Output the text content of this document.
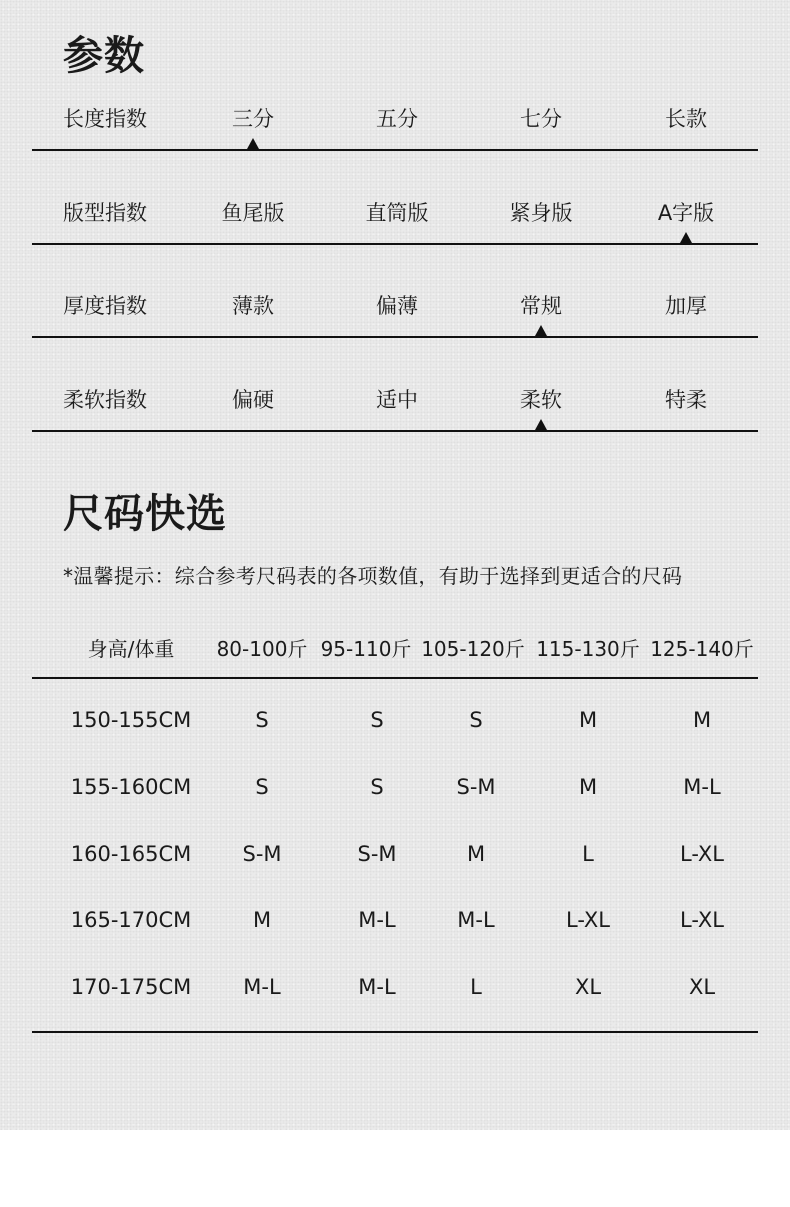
参数
长度指数	三分	五分	七分	长款
版型指数	鱼尾版	直筒版	紧身版	A字版
厚度指数	薄款	偏薄	常规	加厚
柔软指数	偏硬	适中	柔软	特柔
尺码快选
*温馨提示：综合参考尺码表的各项数值，有助于选择到更适合的尺码
身高/体重 80-100斤 95-110斤 105-120斤 115-130斤 125-140斤
150-155CM	S	S	S	M	M
155-160CM	S	S	S-M	M	M-L
160-165CM S-M	S-M	M	L	L-XL
165-170CM	M	M-L	M-L	L-XL	L-XL
170-175CM M-L	M-L	L	XL	XL
